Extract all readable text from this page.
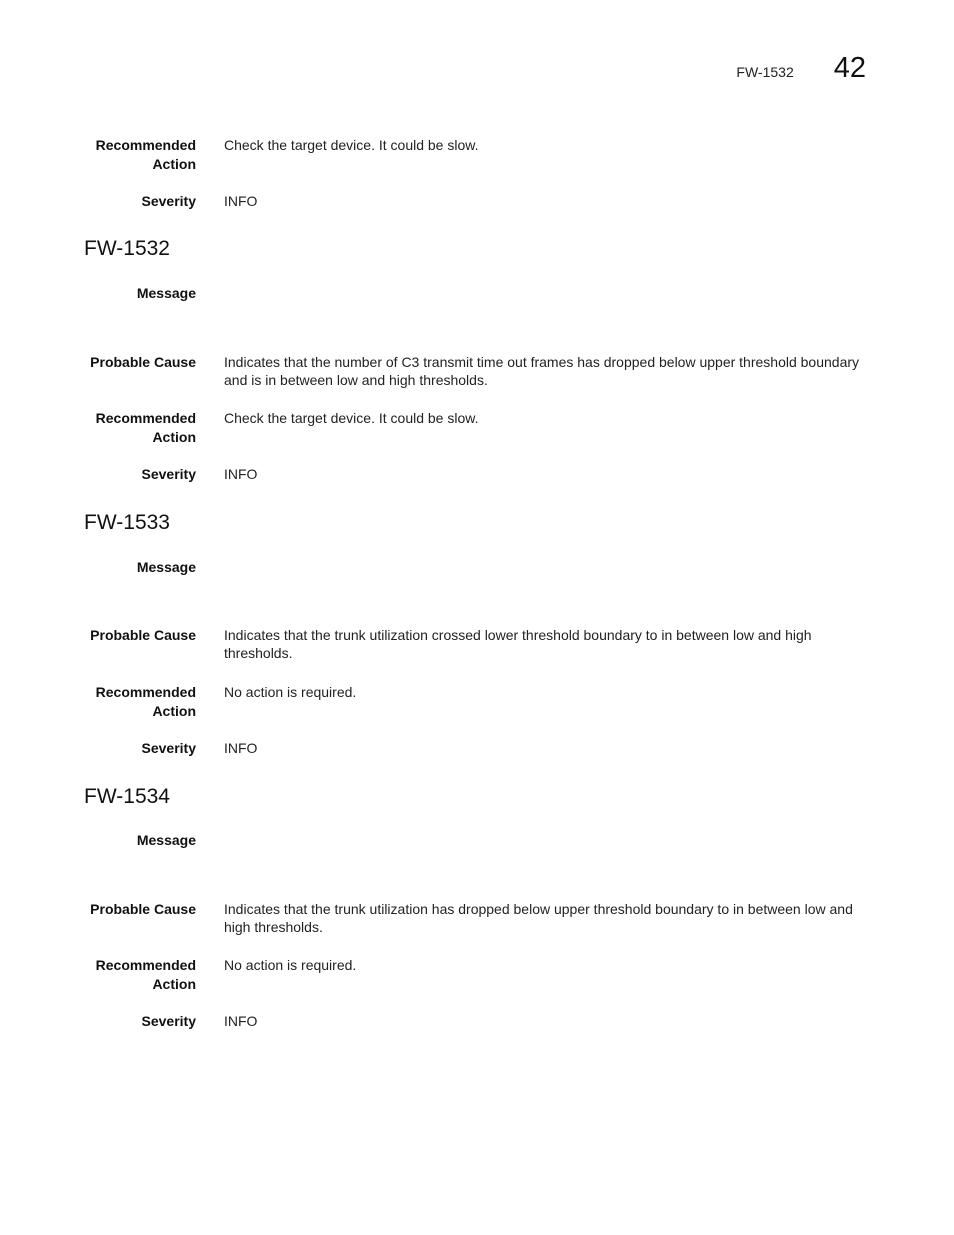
FW-1532 42
Recommended Action
Check the target device. It could be slow.
Severity INFO
FW-1532
Message
Probable Cause Indicates that the number of C3 transmit time out frames has dropped below upper threshold boundary and is in between low and high thresholds.
Recommended Action
Check the target device. It could be slow.
Severity INFO
FW-1533
Message
Probable Cause Indicates that the trunk utilization crossed lower threshold boundary to in between low and high thresholds.
Recommended Action
No action is required.
Severity INFO
FW-1534
Message
Probable Cause Indicates that the trunk utilization has dropped below upper threshold boundary to in between low and high thresholds.
Recommended Action
No action is required.
Severity INFO
